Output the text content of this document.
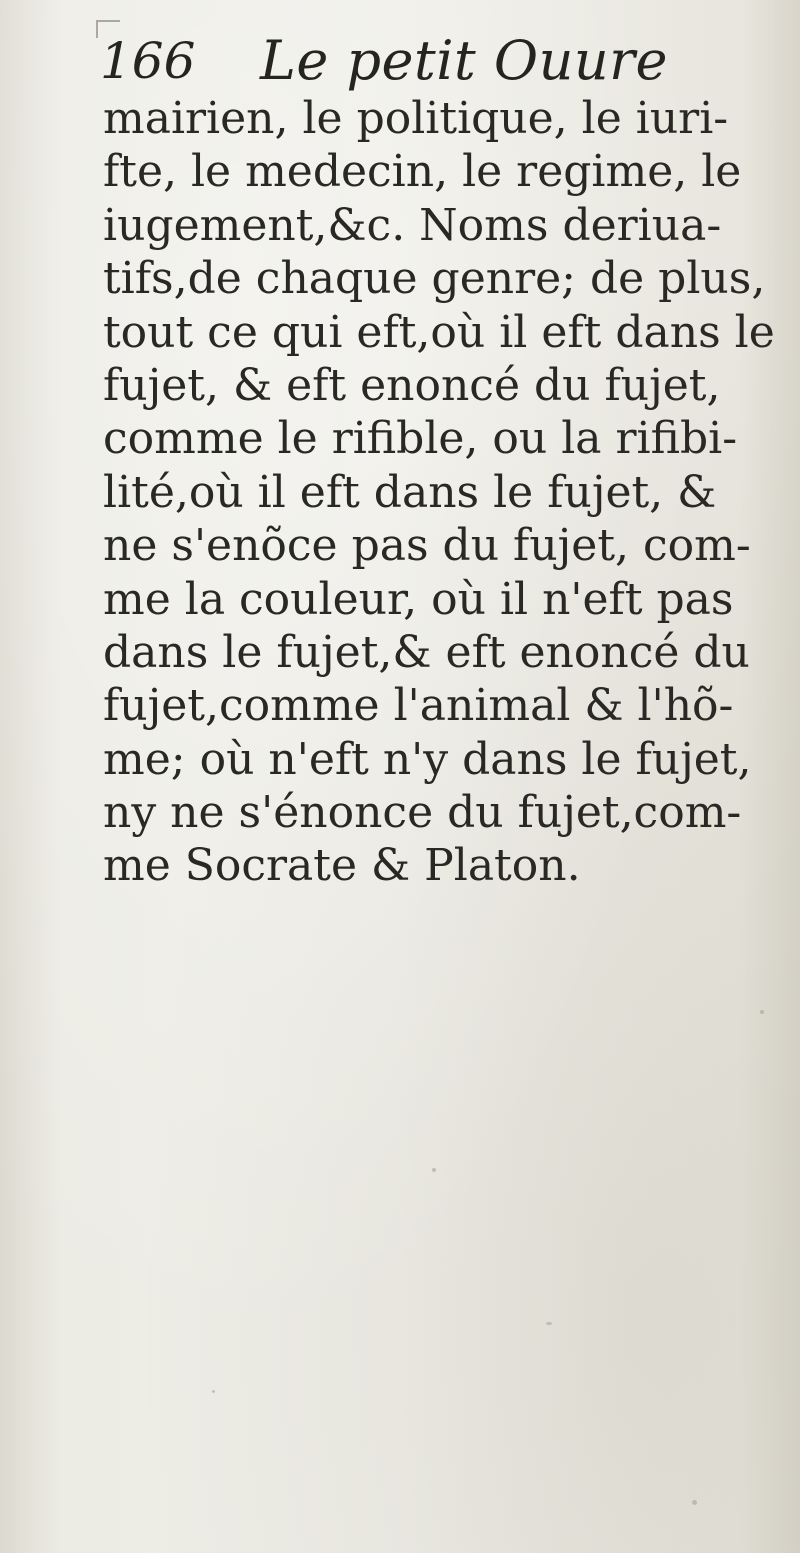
166 Le petit Ouure
mairien, le politique, le iuri-
fte, le medecin, le regime, le
iugement,&c. Noms deriua-
tifs,de chaque genre; de plus,
tout ce qui eft,où il eft dans le
fujet, & eft enoncé du fujet,
comme le rifible, ou la rifibi-
lité,où il eft dans le fujet, &
ne s'enõce pas du fujet, com-
me la couleur, où il n'eft pas
dans le fujet,& eft enoncé du
fujet,comme l'animal & l'hõ-
me; où n'eft n'y dans le fujet,
ny ne s'énonce du fujet,com-
me Socrate & Platon.
